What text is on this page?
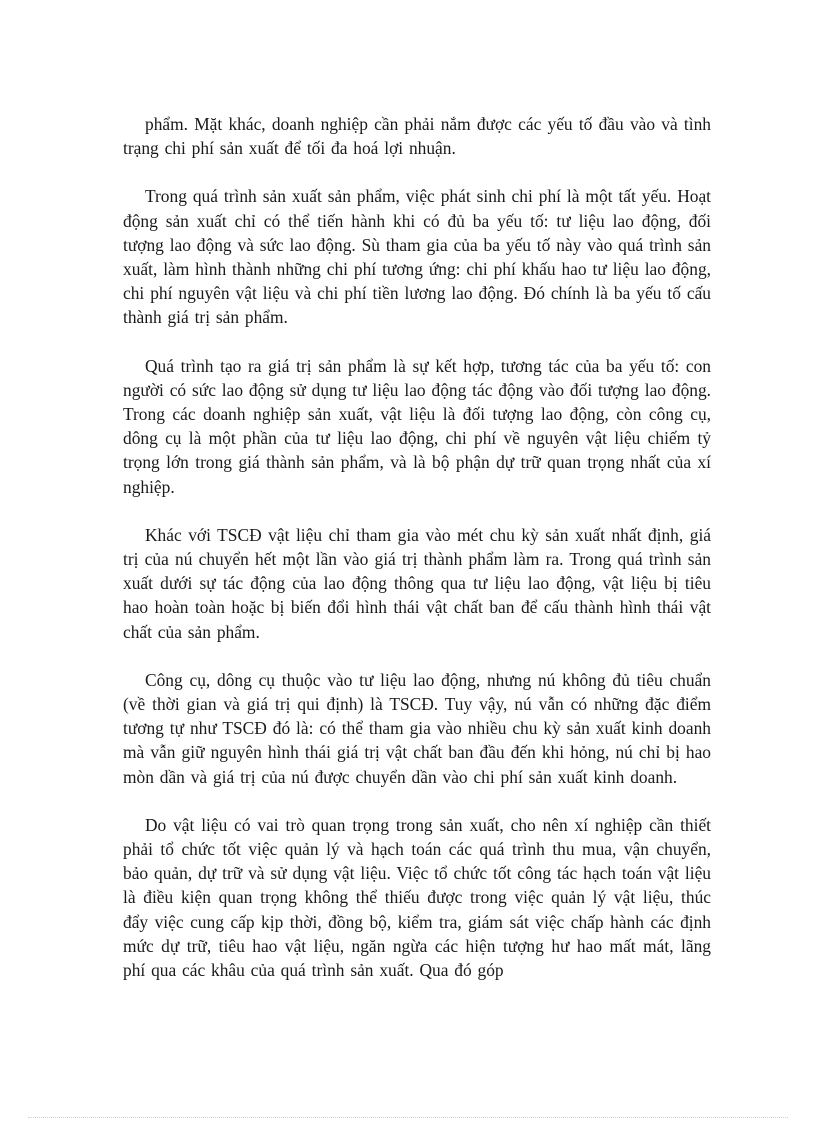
phẩm. Mặt khác, doanh nghiệp cần phải nắm được các yếu tố đầu vào và tình trạng chi phí sản xuất để tối đa hoá lợi nhuận.

Trong quá trình sản xuất sản phẩm, việc phát sinh chi phí là một tất yếu. Hoạt động sản xuất chỉ có thể tiến hành khi có đủ ba yếu tố: tư liệu lao động, đối tượng lao động và sức lao động. Sù tham gia của ba yếu tố này vào quá trình sản xuất, làm hình thành những chi phí tương ứng: chi phí khấu hao tư liệu lao động, chi phí nguyên vật liệu và chi phí tiền lương lao động. Đó chính là ba yếu tố cấu thành giá trị sản phẩm.

Quá trình tạo ra giá trị sản phẩm là sự kết hợp, tương tác của ba yếu tố: con người có sức lao động sử dụng tư liệu lao động tác động vào đối tượng lao động. Trong các doanh nghiệp sản xuất, vật liệu là đối tượng lao động, còn công cụ, dông cụ là một phần của tư liệu lao động, chi phí về nguyên vật liệu chiếm tỷ trọng lớn trong giá thành sản phẩm, và là bộ phận dự trữ quan trọng nhất của xí nghiệp.

Khác với TSCĐ vật liệu chỉ tham gia vào mét chu kỳ sản xuất nhất định, giá trị của nú chuyển hết một lần vào giá trị thành phẩm làm ra. Trong quá trình sản xuất dưới sự tác động của lao động thông qua tư liệu lao động, vật liệu bị tiêu hao hoàn toàn hoặc bị biến đổi hình thái vật chất ban để cấu thành hình thái vật chất của sản phẩm.

Công cụ, dông cụ thuộc vào tư liệu lao động, nhưng nú không đủ tiêu chuẩn (về thời gian và giá trị qui định) là TSCĐ. Tuy vậy, nú vẫn có những đặc điểm tương tự như TSCĐ đó là: có thể tham gia vào nhiều chu kỳ sản xuất kinh doanh mà vẫn giữ nguyên hình thái giá trị vật chất ban đầu đến khi hỏng, nú chỉ bị hao mòn dần và giá trị của nú được chuyển dần vào chi phí sản xuất kinh doanh.

Do vật liệu có vai trò quan trọng trong sản xuất, cho nên xí nghiệp cần thiết phải tổ chức tốt việc quản lý và hạch toán các quá trình thu mua, vận chuyển, bảo quản, dự trữ và sử dụng vật liệu. Việc tổ chức tốt công tác hạch toán vật liệu là điều kiện quan trọng không thể thiếu được trong việc quản lý vật liệu, thúc đẩy việc cung cấp kịp thời, đồng bộ, kiểm tra, giám sát việc chấp hành các định mức dự trữ, tiêu hao vật liệu, ngăn ngừa các hiện tượng hư hao mất mát, lãng phí qua các khâu của quá trình sản xuất. Qua đó góp
